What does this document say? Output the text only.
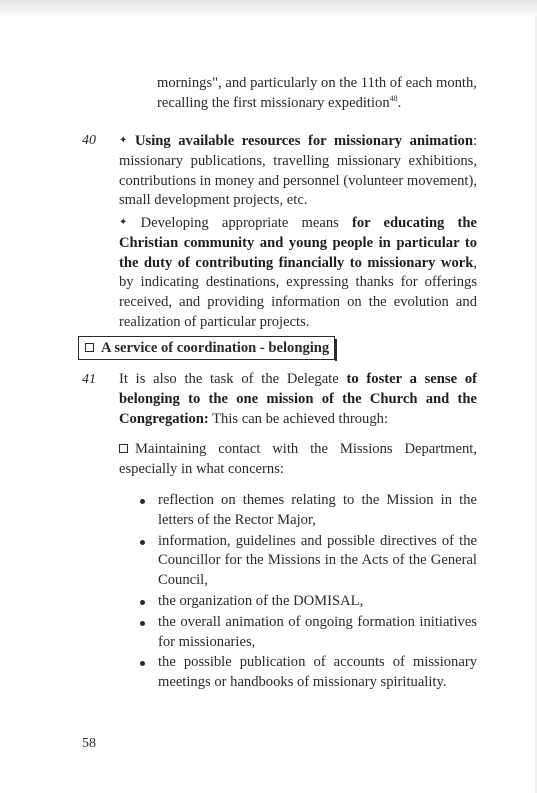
mornings", and particularly on the 11th of each month,
recalling the first missionary expedition$^{48}$.

40 ✦ Using available resources for missionary animation: missionary publications, travelling missionary exhibitions, contributions in money and personnel (volunteer movement), small development projects, etc.

✦ Developing appropriate means for educating the Christian community and young people in particular to the duty of contributing financially to missionary work, by indicating destinations, expressing thanks for offerings received, and providing information on the evolution and realization of particular projects.

A service of coordination - belonging
41 It is also the task of the Delegate to foster a sense of belonging to the one mission of the Church and the Congregation: This can be achieved through:

Maintaining contact with the Missions Department, especially in what concerns:

reflection on themes relating to the Mission in the letters of the Rector Major,
information, guidelines and possible directives of the Councillor for the Missions in the Acts of the General Council,
the organization of the DOMISAL,
the overall animation of ongoing formation initiatives for missionaries,
the possible publication of accounts of missionary meetings or handbooks of missionary spirituality.
58
